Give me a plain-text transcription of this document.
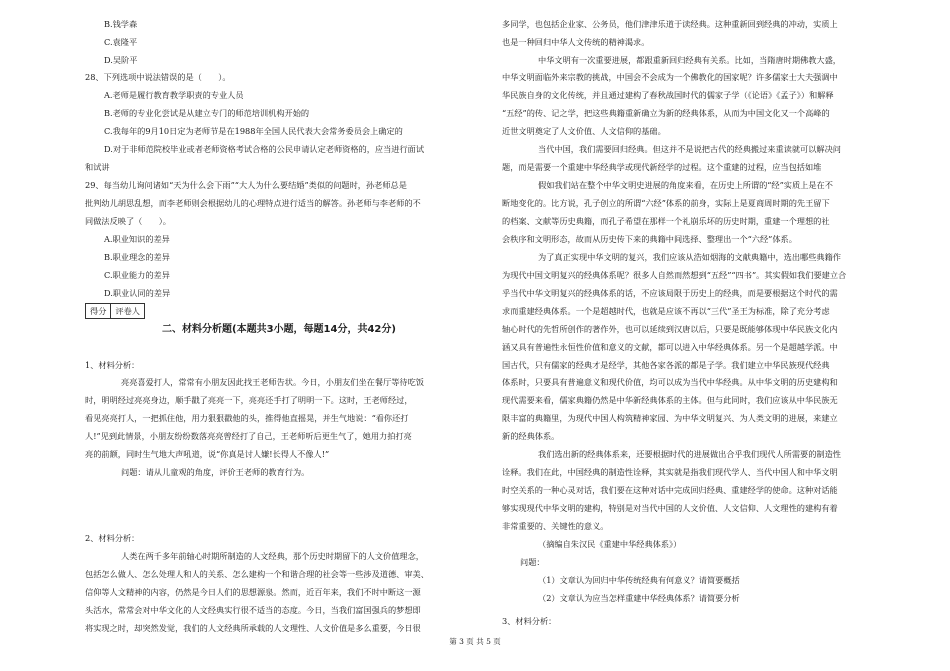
B.钱学森
C.袁隆平
D.吴阶平
28、下列选项中说法错误的是（　　）。
A.老师是履行教育教学职责的专业人员
B.老师的专业化尝试是从建立专门的师范培训机构开始的
C.我每年的9月10日定为老师节是在1988年全国人民代表大会常务委员会上确定的
D.对于非师范院校毕业或者老师资格考试合格的公民申请认定老师资格的，应当进行面试
和试讲
29、每当幼儿询问诸如“天为什么会下雨”“大人为什么要结婚”类似的问题时，孙老师总是
批判幼儿胡思乱想，而李老师则会根据幼儿的心理特点进行适当的解答。孙老师与李老师的不
同做法反映了（　　）。
A.职业知识的差异
B.职业理念的差异
C.职业能力的差异
D.职业认同的差异
得分	评卷人
二、材料分析题(本题共3小题，每题14分，共42分)
1、材料分析：
亮亮喜爱打人，常常有小朋友因此找王老师告状。今日，小朋友们坐在餐厅等待吃饭
时，明明经过亮亮身边，顺手戳了亮亮一下，亮亮还手打了明明一下。这时，王老师经过，
看见亮亮打人，一把抓住他，用力狠狠戳他的头，推得他直摇晃，并生气地说：“看你还打
人!”见到此情景，小朋友纷纷数落亮亮曾经打了自己，王老师听后更生气了，她用力拍打亮
亮的前额，同时生气地大声吼道，说“你真是讨人嫌!长得人不像人!”
问题：请从儿童观的角度，评价王老师的教育行为。
2、材料分析：
人类在两千多年前轴心时期所制造的人文经典，那个历史时期留下的人文价值理念，
包括怎么做人、怎么处理人和人的关系、怎么建构一个和谐合理的社会等一些涉及道德、审美、
信仰等人文精神的内容，仍然是今日人们的思想源泉。然而，近百年来，我们不时中断这一源
头活水，常常会对中华文化的人文经典实行很不适当的态度。今日，当我们富国强兵的梦想即
将实现之时，却突然发觉，我们的人文经典所承载的人文理性、人文价值是多么重要，今日很
多同学，也包括企业家、公务员，他们津津乐道于读经典。这种重新回到经典的冲动，实质上
也是一种回归中华人文传统的精神渴求。
中华文明有一次重要进展，都跟重新回归经典有关系。比如，当隋唐时期佛教大盛，
中华文明面临外来宗教的挑战，中国会不会成为一个佛教化的国家呢？许多儒家士大夫强调中
华民族自身的文化传统，并且通过建构了春秋战国时代的儒家子学（《论语》《孟子》）和解释
“五经”的传、记之学，把这些典籍重新确立为新的经典体系，从而为中国文化又一个高峰的
近世文明奠定了人文价值、人文信仰的基础。
当代中国，我们需要回归经典。但这并不是说把古代的经典搬过来重读就可以解决问
题，而是需要一个重建中华经典学或现代新经学的过程。这个重建的过程，应当包括如堆
假如我们站在整个中华文明史进展的角度来看，在历史上所谓的“经”实质上是在不
断地变化的。比方说，孔子创立的所谓“六经”体系的前身，实际上是夏商周时期的先王留下
的档案、文献等历史典籍，而孔子希望在那样一个礼崩乐坏的历史时期，重建一个理想的社
会秩序和文明形态，故而从历史传下来的典籍中间选择、整理出一个“六经”体系。
为了真正实现中华文明的复兴，我们应该从浩如烟海的文献典籍中，选出哪些典籍作
为现代中国文明复兴的经典体系呢？很多人自然而然想到“五经”“四书”。其实假如我们要建立合
乎当代中华文明复兴的经典体系的话，不应该局限于历史上的经典，而是要根据这个时代的需
求而重建经典体系。一个是超越时代，也就是应该不再以“三代”圣王为标准，除了充分考虑
轴心时代的先哲所创作的著作外，也可以延续到汉唐以后，只要是既能够体现中华民族文化内
涵又具有普遍性永恒性价值和意义的文献，都可以进入中华经典体系。另一个是超越学派。中
国古代，只有儒家的经典才是经学，其他各家各派的都是子学。我们建立中华民族现代经典
体系时，只要具有普遍意义和现代价值，均可以成为当代中华经典。从中华文明的历史建构和
现代需要来看，儒家典籍仍然是中华新经典体系的主体。但与此同时，我们应该从中华民族无
限丰富的典籍里，为现代中国人构筑精神家园、为中华文明复兴、为人类文明的进展，来建立
新的经典体系。
我们选出新的经典体系来，还要根据时代的进展做出合乎我们现代人所需要的制造性
诠释。我们在此，中国经典的制造性诠释，其实就是指我们现代学人、当代中国人和中华文明
时空关系的一种心灵对话，我们要在这种对话中完成回归经典、重建经学的使命。这种对话能
够实现现代中华文明的建构，特别是对当代中国的人文价值、人文信仰、人文理性的建构有着
非常重要的、关键性的意义。
（摘编自朱汉民《重建中华经典体系》）
问题：
（1）文章认为回归中华传统经典有何意义？请简要概括
（2）文章认为应当怎样重建中华经典体系？请简要分析
3、材料分析：
第 3 页 共 5 页
